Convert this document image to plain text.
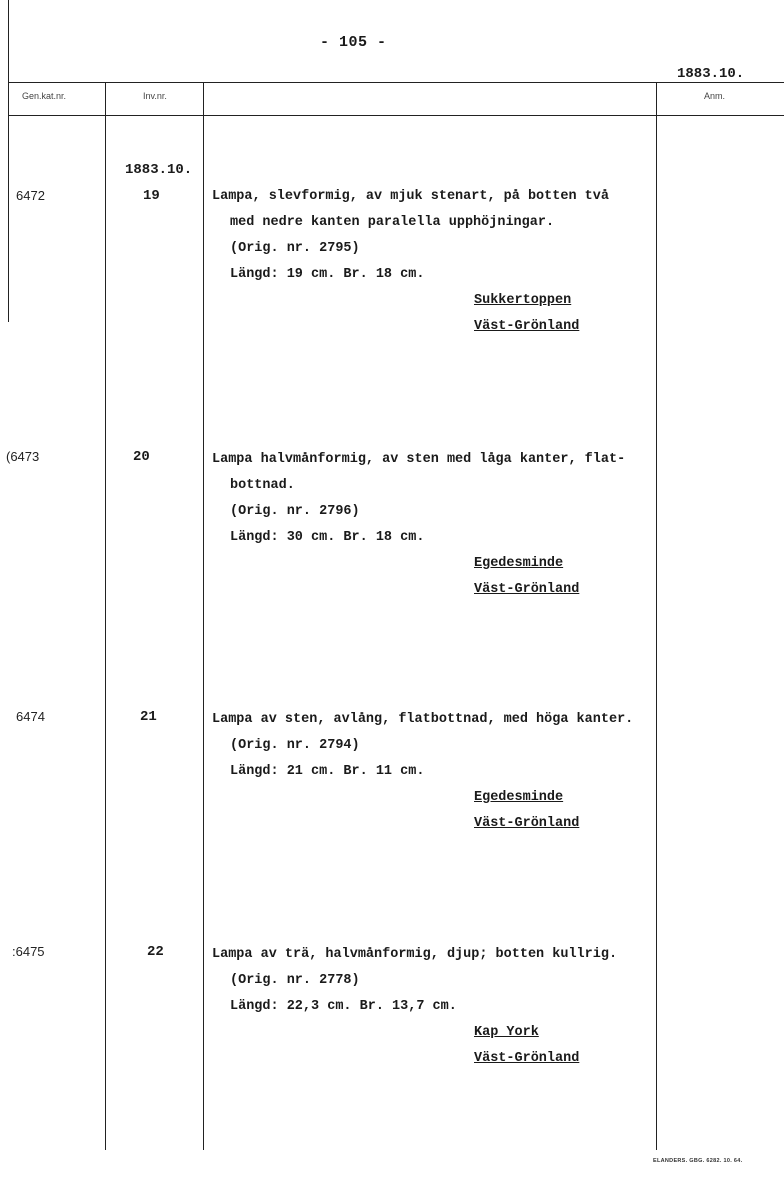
- 105 -
1883.10.
Gen.kat.nr.	Inv.nr.	Anm.
1883.10.
6472	19	Lampa, slevformig, av mjuk stenart, på botten två
med nedre kanten paralella upphöjningar.
(Orig. nr. 2795)
Längd: 19 cm. Br. 18 cm.
Sukkertoppen
Väst-Grönland
(6473	20	Lampa halvmånformig, av sten med låga kanter, flat-
bottnad.
(Orig. nr. 2796)
Längd: 30 cm. Br. 18 cm.
Egedesminde
Väst-Grönland
6474	21	Lampa av sten, avlång, flatbottnad, med höga kanter.
(Orig. nr. 2794)
Längd: 21 cm. Br. 11 cm.
Egedesminde
Väst-Grönland
:6475	22	Lampa av trä, halvmånformig, djup; botten kullrig.
(Orig. nr. 2778)
Längd: 22,3 cm. Br. 13,7 cm.
Kap York
Väst-Grönland
ELANDERS. GBG. 6282. 10. 64.
